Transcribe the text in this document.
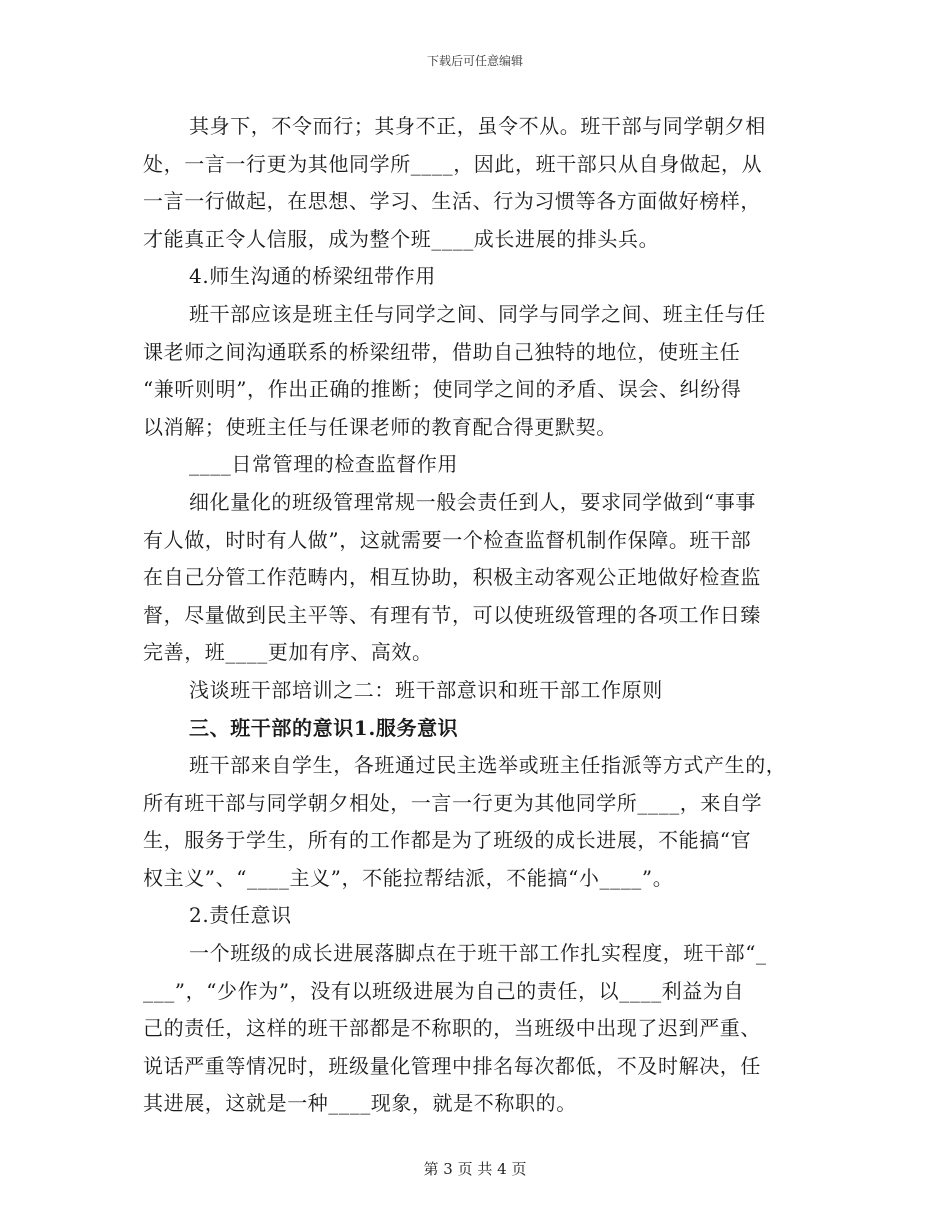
下载后可任意编辑
其身下，不令而行；其身不正，虽令不从。班干部与同学朝夕相
处，一言一行更为其他同学所____，因此，班干部只从自身做起，从
一言一行做起，在思想、学习、生活、行为习惯等各方面做好榜样，
才能真正令人信服，成为整个班____成长进展的排头兵。
4.师生沟通的桥梁纽带作用
班干部应该是班主任与同学之间、同学与同学之间、班主任与任
课老师之间沟通联系的桥梁纽带，借助自己独特的地位，使班主任
“兼听则明”，作出正确的推断；使同学之间的矛盾、误会、纠纷得
以消解；使班主任与任课老师的教育配合得更默契。
____日常管理的检查监督作用
细化量化的班级管理常规一般会责任到人，要求同学做到“事事
有人做，时时有人做”，这就需要一个检查监督机制作保障。班干部
在自己分管工作范畴内，相互协助，积极主动客观公正地做好检查监
督，尽量做到民主平等、有理有节，可以使班级管理的各项工作日臻
完善，班____更加有序、高效。
浅谈班干部培训之二：班干部意识和班干部工作原则
三、班干部的意识1.服务意识
班干部来自学生，各班通过民主选举或班主任指派等方式产生的，
所有班干部与同学朝夕相处，一言一行更为其他同学所____，来自学
生，服务于学生，所有的工作都是为了班级的成长进展，不能搞“官
权主义”、“____主义”，不能拉帮结派，不能搞“小____”。
2.责任意识
一个班级的成长进展落脚点在于班干部工作扎实程度，班干部“_
___”，“少作为”，没有以班级进展为自己的责任，以____利益为自
己的责任，这样的班干部都是不称职的，当班级中出现了迟到严重、
说话严重等情况时，班级量化管理中排名每次都低，不及时解决，任
其进展，这就是一种____现象，就是不称职的。
第 3 页 共 4 页
